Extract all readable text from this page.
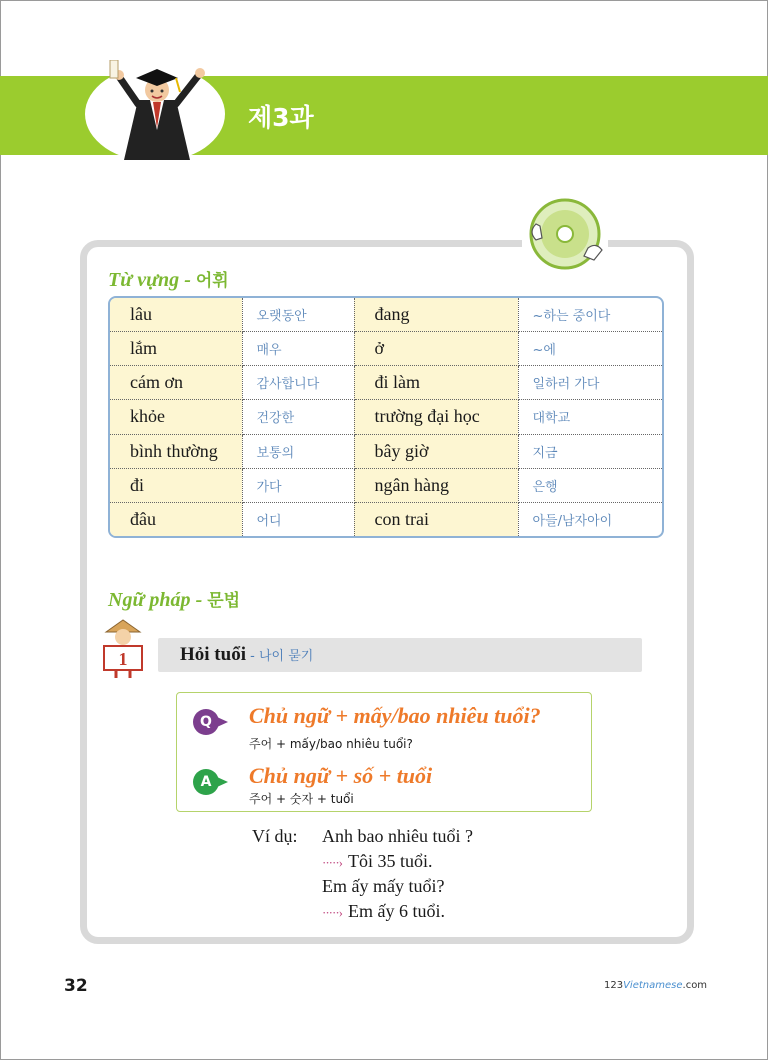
제3과
Từ vựng - 어휘
lâu	오랫동안	đang	~하는 중이다
lắm	매우	ở	~에
cám ơn	감사합니다	đi làm	일하러 가다
khỏe	건강한	trường đại học	대학교
bình thường	보통의	bây giờ	지금
đi	가다	ngân hàng	은행
đâu	어디	con trai	아들/남자아이
Ngữ pháp - 문법
1	Hỏi tuổi - 나이 묻기
Q	Chủ ngữ + mấy/bao nhiêu tuổi?
주어 + mấy/bao nhiêu tuổi?
A	Chủ ngữ + số + tuổi
주어 + 숫자 + tuổi
Ví dụ: Anh bao nhiêu tuổi ?
·····› Tôi 35 tuổi.
Em ấy mấy tuổi?
·····› Em ấy 6 tuổi.
32	123Vietnamese.com
